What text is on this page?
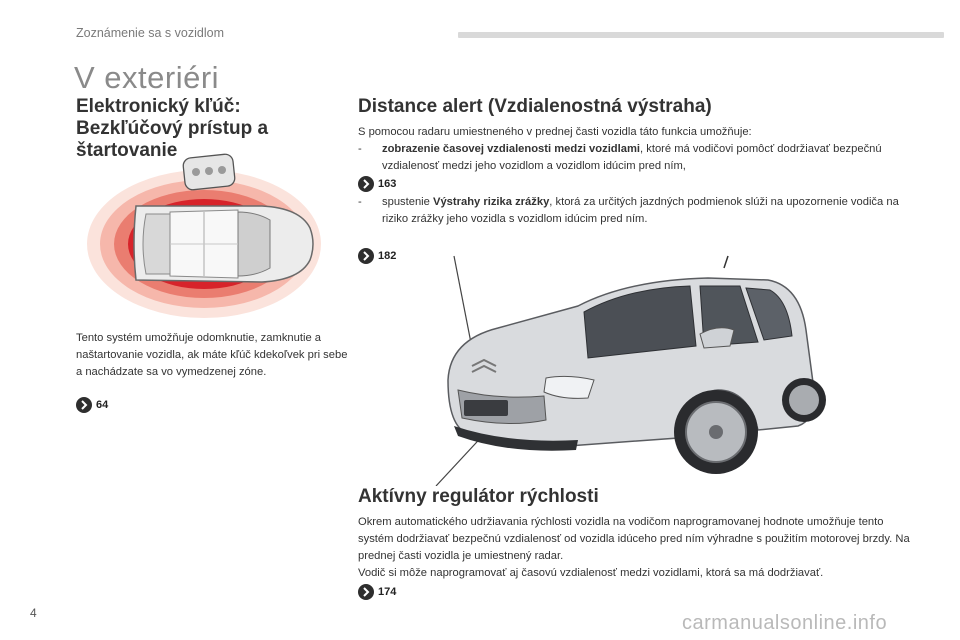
Zoznámenie sa s vozidlom
V exteriéri
Elektronický kľúč: Bezkľúčový prístup a štartovanie
Tento systém umožňuje odomknutie, zamknutie a naštartovanie vozidla, ak máte kľúč kdekoľvek pri sebe a nachádzate sa vo vymedzenej zóne.
64
Distance alert (Vzdialenostná výstraha)
S pomocou radaru umiestneného v prednej časti vozidla táto funkcia umožňuje:
-	zobrazenie časovej vzdialenosti medzi vozidlami, ktoré má vodičovi pomôcť dodržiavať bezpečnú vzdialenosť medzi jeho vozidlom a vozidlom idúcim pred ním,
163
-	spustenie Výstrahy rizika zrážky, ktorá za určitých jazdných podmienok slúži na upozornenie vodiča na riziko zrážky jeho vozidla s vozidlom idúcim pred ním.
182
Aktívny regulátor rýchlosti
Okrem automatického udržiavania rýchlosti vozidla na vodičom naprogramovanej hodnote umožňuje tento systém dodržiavať bezpečnú vzdialenosť od vozidla idúceho pred ním výhradne s použitím motorovej brzdy. Na prednej časti vozidla je umiestnený radar.
Vodič si môže naprogramovať aj časovú vzdialenosť medzi vozidlami, ktorá sa má dodržiavať.
174
4	carmanualsonline.info
